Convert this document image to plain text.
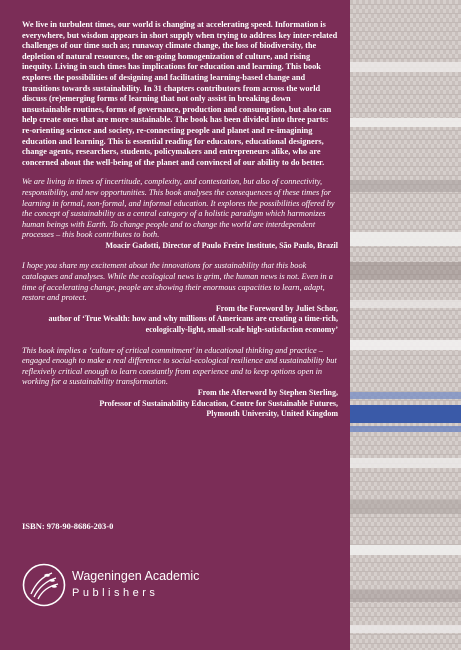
We live in turbulent times, our world is changing at accelerating speed. Information is everywhere, but wisdom appears in short supply when trying to address key inter-related challenges of our time such as; runaway climate change, the loss of biodiversity, the depletion of natural resources, the on-going homogenization of culture, and rising inequity. Living in such times has implications for education and learning. This book explores the possibilities of designing and facilitating learning-based change and transitions towards sustainability. In 31 chapters contributors from across the world discuss (re)emerging forms of learning that not only assist in breaking down unsustainable routines, forms of governance, production and consumption, but also can help create ones that are more sustainable. The book has been divided into three parts: re-orienting science and society, re-connecting people and planet and re-imagining education and learning. This is essential reading for educators, educational designers, change agents, researchers, students, policymakers and entrepreneurs alike, who are concerned about the well-being of the planet and convinced of our ability to do better.

We are living in times of incertitude, complexity, and contestation, but also of connectivity, responsibility, and new opportunities. This book analyses the consequences of these times for learning in formal, non-formal, and informal education. It explores the possibilities offered by the concept of sustainability as a central category of a holistic paradigm which harmonizes human beings with Earth. To change people and to change the world are interdependent processes – this book contributes to both.

Moacir Gadotti, Director of Paulo Freire Institute, São Paulo, Brazil

I hope you share my excitement about the innovations for sustainability that this book catalogues and analyses. While the ecological news is grim, the human news is not. Even in a time of accelerating change, people are showing their enormous capacities to learn, adapt, restore and protect.

From the Foreword by Juliet Schor,
author of ‘True Wealth: how and why millions of Americans are creating a time-rich, ecologically-light, small-scale high-satisfaction economy’

This book implies a ‘culture of critical commitment’ in educational thinking and practice – engaged enough to make a real difference to social-ecological resilience and sustainability but reflexively critical enough to learn constantly from experience and to keep options open in working for a sustainability transformation.

From the Afterword by Stephen Sterling,
Professor of Sustainability Education, Centre for Sustainable Futures,
Plymouth University, United Kingdom

ISBN: 978-90-8686-203-0
Wageningen Academic
Publishers
